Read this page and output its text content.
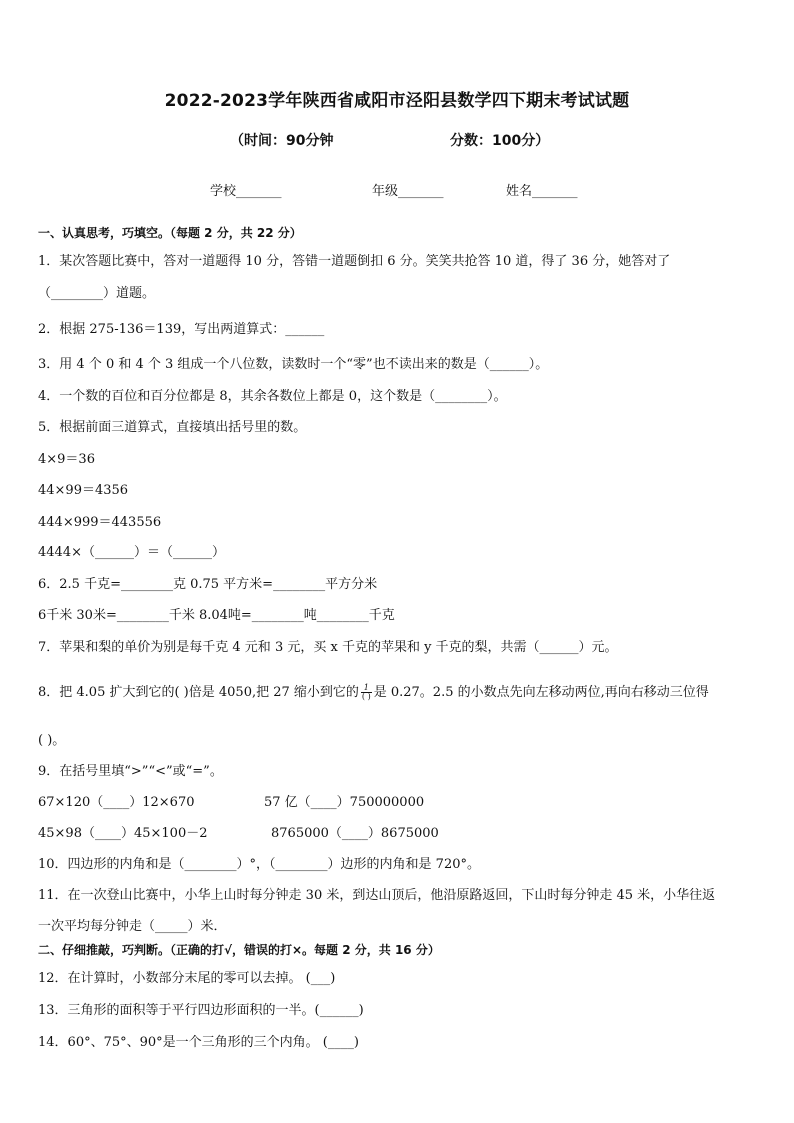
2022-2023学年陕西省咸阳市泾阳县数学四下期末考试试题
（时间：90分钟	分数：100分）
学校_______	年级_______	姓名_______
一、认真思考，巧填空。（每题 2 分，共 22 分）
1．某次答题比赛中，答对一道题得 10 分，答错一道题倒扣 6 分。笑笑共抢答 10 道，得了 36 分，她答对了
（________）道题。
2．根据 275-136＝139，写出两道算式：______
3．用 4 个 0 和 4 个 3 组成一个八位数，读数时一个“零”也不读出来的数是（______）。
4．一个数的百位和百分位都是 8，其余各数位上都是 0，这个数是（________）。
5．根据前面三道算式，直接填出括号里的数。
4×9＝36
44×99＝4356
444×999＝443556
4444×（______）＝（______）
6．2.5 千克=________克 0.75 平方米=________平方分米
6千米 30米=________千米 8.04吨=________吨________千克
7．苹果和梨的单价为别是每千克 4 元和 3 元，买 x 千克的苹果和 y 千克的梨，共需（______）元。
8．把 4.05 扩大到它的( )倍是 4050,把 27 缩小到它的 $\frac{1}{( )}$ 是 0.27。2.5 的小数点先向左移动两位,再向右移动三位得
( )。
9．在括号里填“>”“<”或“=”。
67×120（____）12×670	57 亿（____）750000000
45×98（____）45×100－2	8765000（____）8675000
10．四边形的内角和是（________）°，（________）边形的内角和是 720°。
11．在一次登山比赛中，小华上山时每分钟走 30 米，到达山顶后，他沿原路返回，下山时每分钟走 45 米，小华往返
一次平均每分钟走（_____）米．
二、仔细推敲，巧判断。（正确的打√，错误的打×。每题 2 分，共 16 分）
12．在计算时，小数部分末尾的零可以去掉。 (___)
13．三角形的面积等于平行四边形面积的一半。(______)
14．60°、75°、90°是一个三角形的三个内角。 (____)
